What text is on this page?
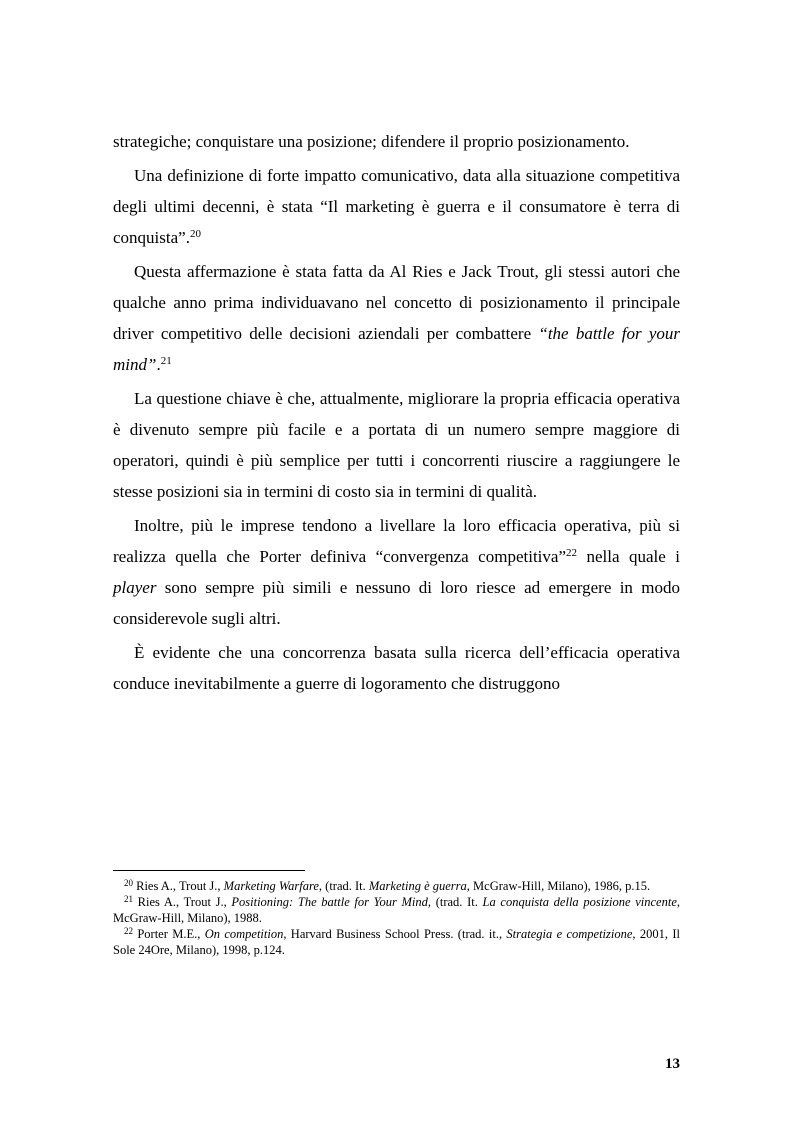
strategiche; conquistare una posizione; difendere il proprio posizionamento.

Una definizione di forte impatto comunicativo, data alla situazione competitiva degli ultimi decenni, è stata “Il marketing è guerra e il consumatore è terra di conquista”.$^{20}$

Questa affermazione è stata fatta da Al Ries e Jack Trout, gli stessi autori che qualche anno prima individuavano nel concetto di posizionamento il principale driver competitivo delle decisioni aziendali per combattere “the battle for your mind”.$^{21}$

La questione chiave è che, attualmente, migliorare la propria efficacia operativa è divenuto sempre più facile e a portata di un numero sempre maggiore di operatori, quindi è più semplice per tutti i concorrenti riuscire a raggiungere le stesse posizioni sia in termini di costo sia in termini di qualità.

Inoltre, più le imprese tendono a livellare la loro efficacia operativa, più si realizza quella che Porter definiva “convergenza competitiva”$^{22}$ nella quale i player sono sempre più simili e nessuno di loro riesce ad emergere in modo considerevole sugli altri.

È evidente che una concorrenza basata sulla ricerca dell’efficacia operativa conduce inevitabilmente a guerre di logoramento che distruggono

$^{20}$ Ries A., Trout J., Marketing Warfare, (trad. It. Marketing è guerra, McGraw-Hill, Milano), 1986, p.15.

$^{21}$ Ries A., Trout J., Positioning: The battle for Your Mind, (trad. It. La conquista della posizione vincente, McGraw-Hill, Milano), 1988.

$^{22}$ Porter M.E., On competition, Harvard Business School Press. (trad. it., Strategia e competizione, 2001, Il Sole 24Ore, Milano), 1998, p.124.

13
